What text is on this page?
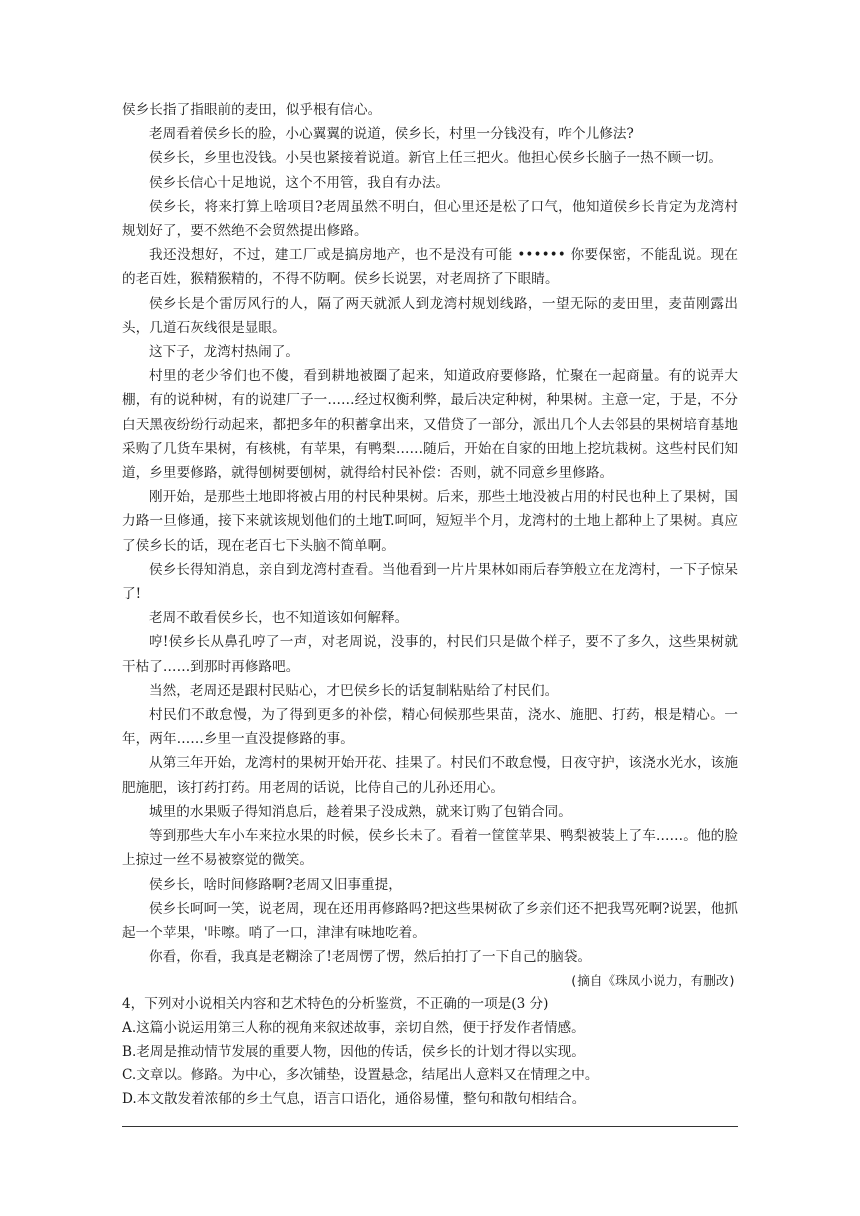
侯乡长指了指眼前的麦田，似乎根有信心。

老周看着侯乡长的脸，小心翼翼的说道，侯乡长，村里一分钱没有，咋个儿修法?

侯乡长，乡里也没钱。小吴也紧接着说道。新官上任三把火。他担心侯乡长脑子一热不顾一切。

侯乡长信心十足地说，这个不用管，我自有办法。

侯乡长，将来打算上啥项目?老周虽然不明白，但心里还是松了口气，他知道侯乡长肯定为龙湾村规划好了，要不然绝不会贸然提出修路。

我还没想好，不过，建工厂或是搞房地产，也不是没有可能 •••••• 你要保密，不能乱说。现在的老百姓，猴精猴精的，不得不防啊。侯乡长说罢，对老周挤了下眼睛。

侯乡长是个雷厉风行的人，隔了两天就派人到龙湾村规划线路，一望无际的麦田里，麦苗刚露出头，几道石灰线很是显眼。

这下子，龙湾村热闹了。

村里的老少爷们也不傻，看到耕地被圈了起来，知道政府要修路，忙聚在一起商量。有的说弄大棚，有的说种树，有的说建厂子一……经过权衡利弊，最后决定种树，种果树。主意一定，于是，不分白天黑夜纷纷行动起来，都把多年的积蓄拿出来，又借贷了一部分，派出几个人去邻县的果树培育基地采购了几货车果树，有核桃，有苹果，有鸭梨……随后，开始在自家的田地上挖坑栽树。这些村民们知道，乡里要修路，就得刨树要刨树，就得给村民补偿：否则，就不同意乡里修路。

刚开始，是那些土地即将被占用的村民种果树。后来，那些土地没被占用的村民也种上了果树，国力路一旦修通，接下来就该规划他们的土地T.呵呵，短短半个月，龙湾村的土地上都种上了果树。真应了侯乡长的话，现在老百七下头脑不简单啊。

侯乡长得知消息，亲自到龙湾村查看。当他看到一片片果林如雨后春笋般立在龙湾村，一下子惊呆了!

老周不敢看侯乡长，也不知道该如何解释。

哼!侯乡长从鼻孔哼了一声，对老周说，没事的，村民们只是做个样子，要不了多久，这些果树就干枯了……到那时再修路吧。

当然，老周还是跟村民贴心，才巴侯乡长的话复制粘贴给了村民们。

村民们不敢怠慢，为了得到更多的补偿，精心伺候那些果苗，浇水、施肥、打药，根是精心。一年，两年……乡里一直没提修路的事。

从第三年开始，龙湾村的果树开始开花、挂果了。村民们不敢怠慢，日夜守护，该浇水光水，该施肥施肥，该打药打药。用老周的话说，比侍自己的儿孙还用心。

城里的水果贩子得知消息后，趁着果子没成熟，就来订购了包销合同。

等到那些大车小车来拉水果的时候，侯乡长未了。看着一筐筐苹果、鸭梨被装上了车……。他的脸上掠过一丝不易被察觉的微笑。

侯乡长，啥时间修路啊?老周又旧事重提，

侯乡长呵呵一笑，说老周，现在还用再修路吗?把这些果树砍了乡亲们还不把我骂死啊?说罢，他抓起一个苹果，'咔嚓。哨了一口，津津有味地吃着。

你看，你看，我真是老糊涂了!老周愣了愣，然后拍打了一下自己的脑袋。

(摘自《珠凤小说力，有删改)

4，下列对小说相关内容和艺术特色的分析鉴赏，不正确的一项是(3 分)

A.这篇小说运用第三人称的视角来叙述故事，亲切自然，便于抒发作者情感。

B.老周是推动情节发展的重要人物，因他的传话，侯乡长的计划才得以实现。

C.文章以。修路。为中心，多次铺垫，设置悬念，结尾出人意料又在情理之中。

D.本文散发着浓郁的乡土气息，语言口语化，通俗易懂，整句和散句相结合。
